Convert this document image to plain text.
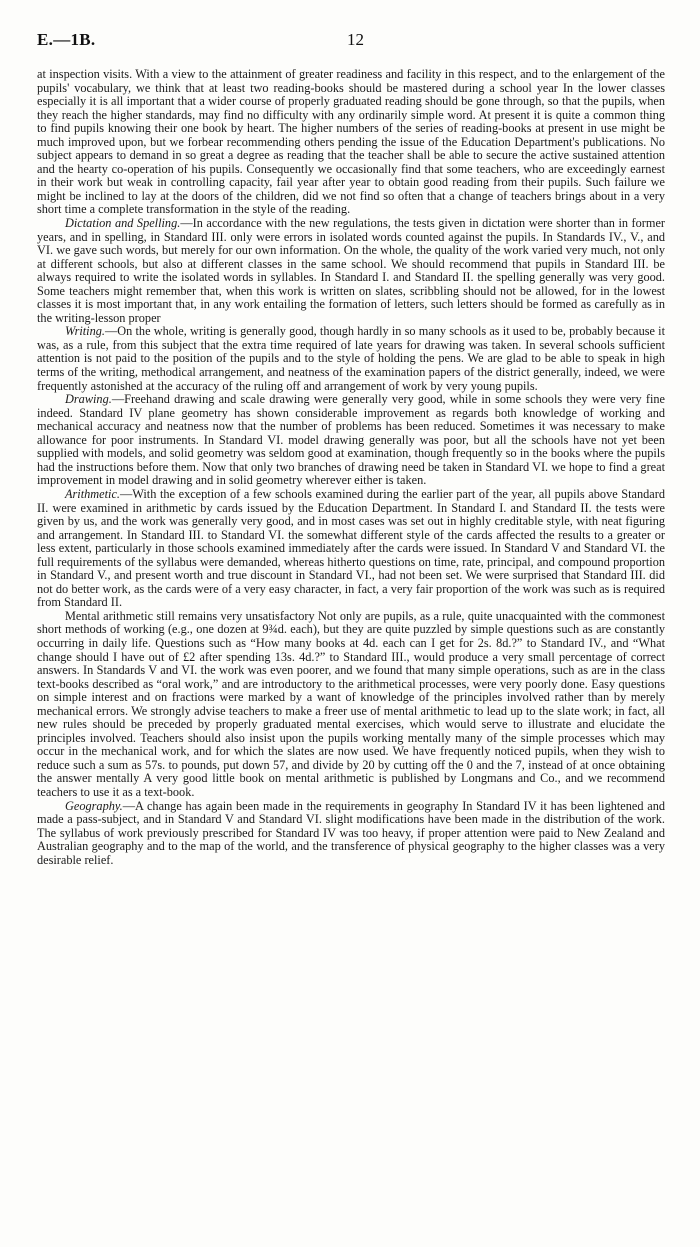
E.—1B.	12

at inspection visits. With a view to the attainment of greater readiness and facility in this respect, and to the enlargement of the pupils' vocabulary, we think that at least two reading-books should be mastered during a school year In the lower classes especially it is all important that a wider course of properly graduated reading should be gone through, so that the pupils, when they reach the higher standards, may find no difficulty with any ordinarily simple word. At present it is quite a common thing to find pupils knowing their one book by heart. The higher numbers of the series of reading-books at present in use might be much improved upon, but we forbear recommending others pending the issue of the Education Department's publications. No subject appears to demand in so great a degree as reading that the teacher shall be able to secure the active sustained attention and the hearty co-operation of his pupils. Consequently we occasionally find that some teachers, who are exceedingly earnest in their work but weak in controlling capacity, fail year after year to obtain good reading from their pupils. Such failure we might be inclined to lay at the doors of the children, did we not find so often that a change of teachers brings about in a very short time a complete transformation in the style of the reading.

Dictation and Spelling.—In accordance with the new regulations, the tests given in dictation were shorter than in former years, and in spelling, in Standard III. only were errors in isolated words counted against the pupils. In Standards IV., V., and VI. we gave such words, but merely for our own information. On the whole, the quality of the work varied very much, not only at different schools, but also at different classes in the same school. We should recommend that pupils in Standard III. be always required to write the isolated words in syllables. In Standard I. and Standard II. the spelling generally was very good. Some teachers might remember that, when this work is written on slates, scribbling should not be allowed, for in the lowest classes it is most important that, in any work entailing the formation of letters, such letters should be formed as carefully as in the writing-lesson proper

Writing.—On the whole, writing is generally good, though hardly in so many schools as it used to be, probably because it was, as a rule, from this subject that the extra time required of late years for drawing was taken. In several schools sufficient attention is not paid to the position of the pupils and to the style of holding the pens. We are glad to be able to speak in high terms of the writing, methodical arrangement, and neatness of the examination papers of the district generally, indeed, we were frequently astonished at the accuracy of the ruling off and arrangement of work by very young pupils.

Drawing.—Freehand drawing and scale drawing were generally very good, while in some schools they were very fine indeed. Standard IV plane geometry has shown considerable improvement as regards both knowledge of working and mechanical accuracy and neatness now that the number of problems has been reduced. Sometimes it was necessary to make allowance for poor instruments. In Standard VI. model drawing generally was poor, but all the schools have not yet been supplied with models, and solid geometry was seldom good at examination, though frequently so in the books where the pupils had the instructions before them. Now that only two branches of drawing need be taken in Standard VI. we hope to find a great improvement in model drawing and in solid geometry wherever either is taken.

Arithmetic.—With the exception of a few schools examined during the earlier part of the year, all pupils above Standard II. were examined in arithmetic by cards issued by the Education Department. In Standard I. and Standard II. the tests were given by us, and the work was generally very good, and in most cases was set out in highly creditable style, with neat figuring and arrangement. In Standard III. to Standard VI. the somewhat different style of the cards affected the results to a greater or less extent, particularly in those schools examined immediately after the cards were issued. In Standard V and Standard VI. the full requirements of the syllabus were demanded, whereas hitherto questions on time, rate, principal, and compound proportion in Standard V., and present worth and true discount in Standard VI., had not been set. We were surprised that Standard III. did not do better work, as the cards were of a very easy character, in fact, a very fair proportion of the work was such as is required from Standard II.

Mental arithmetic still remains very unsatisfactory Not only are pupils, as a rule, quite unacquainted with the commonest short methods of working (e.g., one dozen at 9¾d. each), but they are quite puzzled by simple questions such as are constantly occurring in daily life. Questions such as “How many books at 4d. each can I get for 2s. 8d.?” to Standard IV., and “What change should I have out of £2 after spending 13s. 4d.?” to Standard III., would produce a very small percentage of correct answers. In Standards V and VI. the work was even poorer, and we found that many simple operations, such as are in the class text-books described as “oral work,” and are introductory to the arithmetical processes, were very poorly done. Easy questions on simple interest and on fractions were marked by a want of knowledge of the principles involved rather than by merely mechanical errors. We strongly advise teachers to make a freer use of mental arithmetic to lead up to the slate work; in fact, all new rules should be preceded by properly graduated mental exercises, which would serve to illustrate and elucidate the principles involved. Teachers should also insist upon the pupils working mentally many of the simple processes which may occur in the mechanical work, and for which the slates are now used. We have frequently noticed pupils, when they wish to reduce such a sum as 57s. to pounds, put down 57, and divide by 20 by cutting off the 0 and the 7, instead of at once obtaining the answer mentally A very good little book on mental arithmetic is published by Longmans and Co., and we recommend teachers to use it as a text-book.

Geography.—A change has again been made in the requirements in geography In Standard IV it has been lightened and made a pass-subject, and in Standard V and Standard VI. slight modifications have been made in the distribution of the work. The syllabus of work previously prescribed for Standard IV was too heavy, if proper attention were paid to New Zealand and Australian geography and to the map of the world, and the transference of physical geography to the higher classes was a very desirable relief.
